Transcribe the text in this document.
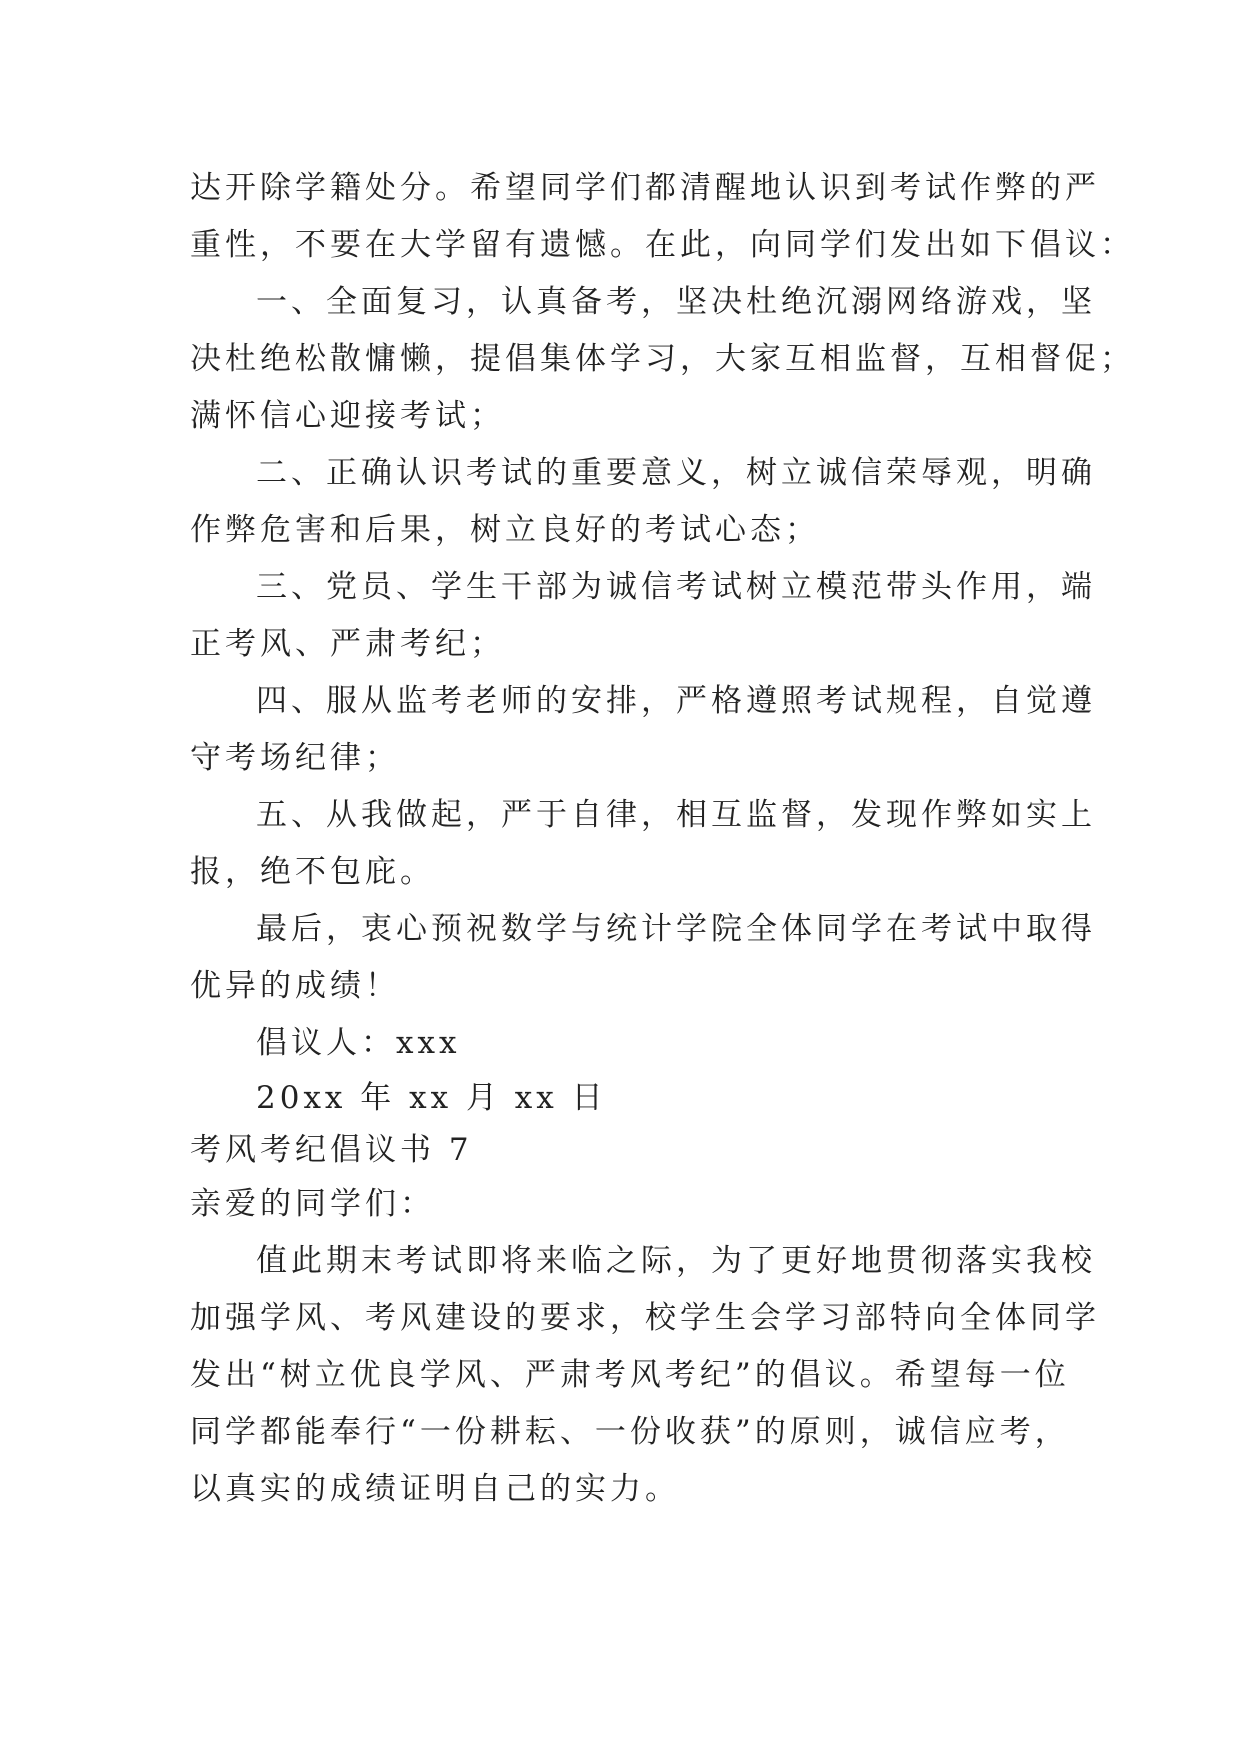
达开除学籍处分。希望同学们都清醒地认识到考试作弊的严
重性，不要在大学留有遗憾。在此，向同学们发出如下倡议：
一、全面复习，认真备考，坚决杜绝沉溺网络游戏，坚
决杜绝松散慵懒，提倡集体学习，大家互相监督，互相督促；
满怀信心迎接考试；
二、正确认识考试的重要意义，树立诚信荣辱观，明确
作弊危害和后果，树立良好的考试心态；
三、党员、学生干部为诚信考试树立模范带头作用，端
正考风、严肃考纪；
四、服从监考老师的安排，严格遵照考试规程，自觉遵
守考场纪律；
五、从我做起，严于自律，相互监督，发现作弊如实上
报，绝不包庇。
最后，衷心预祝数学与统计学院全体同学在考试中取得
优异的成绩！
倡议人：xxx
20xx 年 xx 月 xx 日
考风考纪倡议书 7
亲爱的同学们：
值此期末考试即将来临之际，为了更好地贯彻落实我校
加强学风、考风建设的要求，校学生会学习部特向全体同学
发出“树立优良学风、严肃考风考纪”的倡议。希望每一位
同学都能奉行“一份耕耘、一份收获”的原则，诚信应考，
以真实的成绩证明自己的实力。
